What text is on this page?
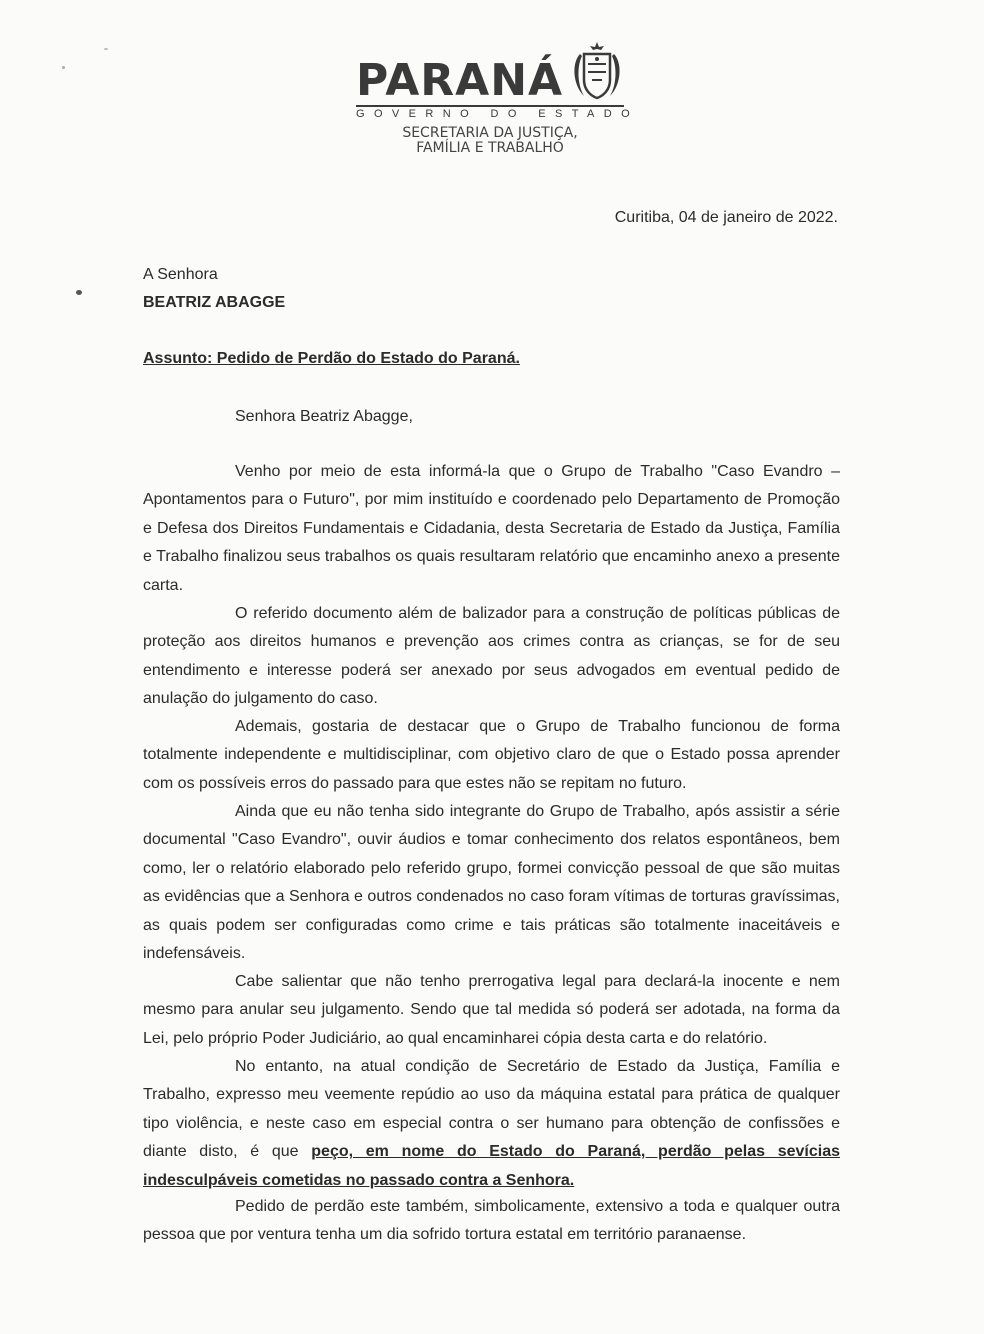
PARANÁ
GOVERNO DO ESTADO
SECRETARIA DA JUSTIÇA,
FAMÍLIA E TRABALHO
Curitiba, 04 de janeiro de 2022.
A Senhora
BEATRIZ ABAGGE
Assunto: Pedido de Perdão do Estado do Paraná.
Senhora Beatriz Abagge,

Venho por meio de esta informá-la que o Grupo de Trabalho "Caso Evandro – Apontamentos para o Futuro", por mim instituído e coordenado pelo Departamento de Promoção e Defesa dos Direitos Fundamentais e Cidadania, desta Secretaria de Estado da Justiça, Família e Trabalho finalizou seus trabalhos os quais resultaram relatório que encaminho anexo a presente carta.

O referido documento além de balizador para a construção de políticas públicas de proteção aos direitos humanos e prevenção aos crimes contra as crianças, se for de seu entendimento e interesse poderá ser anexado por seus advogados em eventual pedido de anulação do julgamento do caso.

Ademais, gostaria de destacar que o Grupo de Trabalho funcionou de forma totalmente independente e multidisciplinar, com objetivo claro de que o Estado possa aprender com os possíveis erros do passado para que estes não se repitam no futuro.

Ainda que eu não tenha sido integrante do Grupo de Trabalho, após assistir a série documental "Caso Evandro", ouvir áudios e tomar conhecimento dos relatos espontâneos, bem como, ler o relatório elaborado pelo referido grupo, formei convicção pessoal de que são muitas as evidências que a Senhora e outros condenados no caso foram vítimas de torturas gravíssimas, as quais podem ser configuradas como crime e tais práticas são totalmente inaceitáveis e indefensáveis.

Cabe salientar que não tenho prerrogativa legal para declará-la inocente e nem mesmo para anular seu julgamento. Sendo que tal medida só poderá ser adotada, na forma da Lei, pelo próprio Poder Judiciário, ao qual encaminharei cópia desta carta e do relatório.

No entanto, na atual condição de Secretário de Estado da Justiça, Família e Trabalho, expresso meu veemente repúdio ao uso da máquina estatal para prática de qualquer tipo violência, e neste caso em especial contra o ser humano para obtenção de confissões e diante disto, é que peço, em nome do Estado do Paraná, perdão pelas sevícias indesculpáveis cometidas no passado contra a Senhora.

Pedido de perdão este também, simbolicamente, extensivo a toda e qualquer outra pessoa que por ventura tenha um dia sofrido tortura estatal em território paranaense.
